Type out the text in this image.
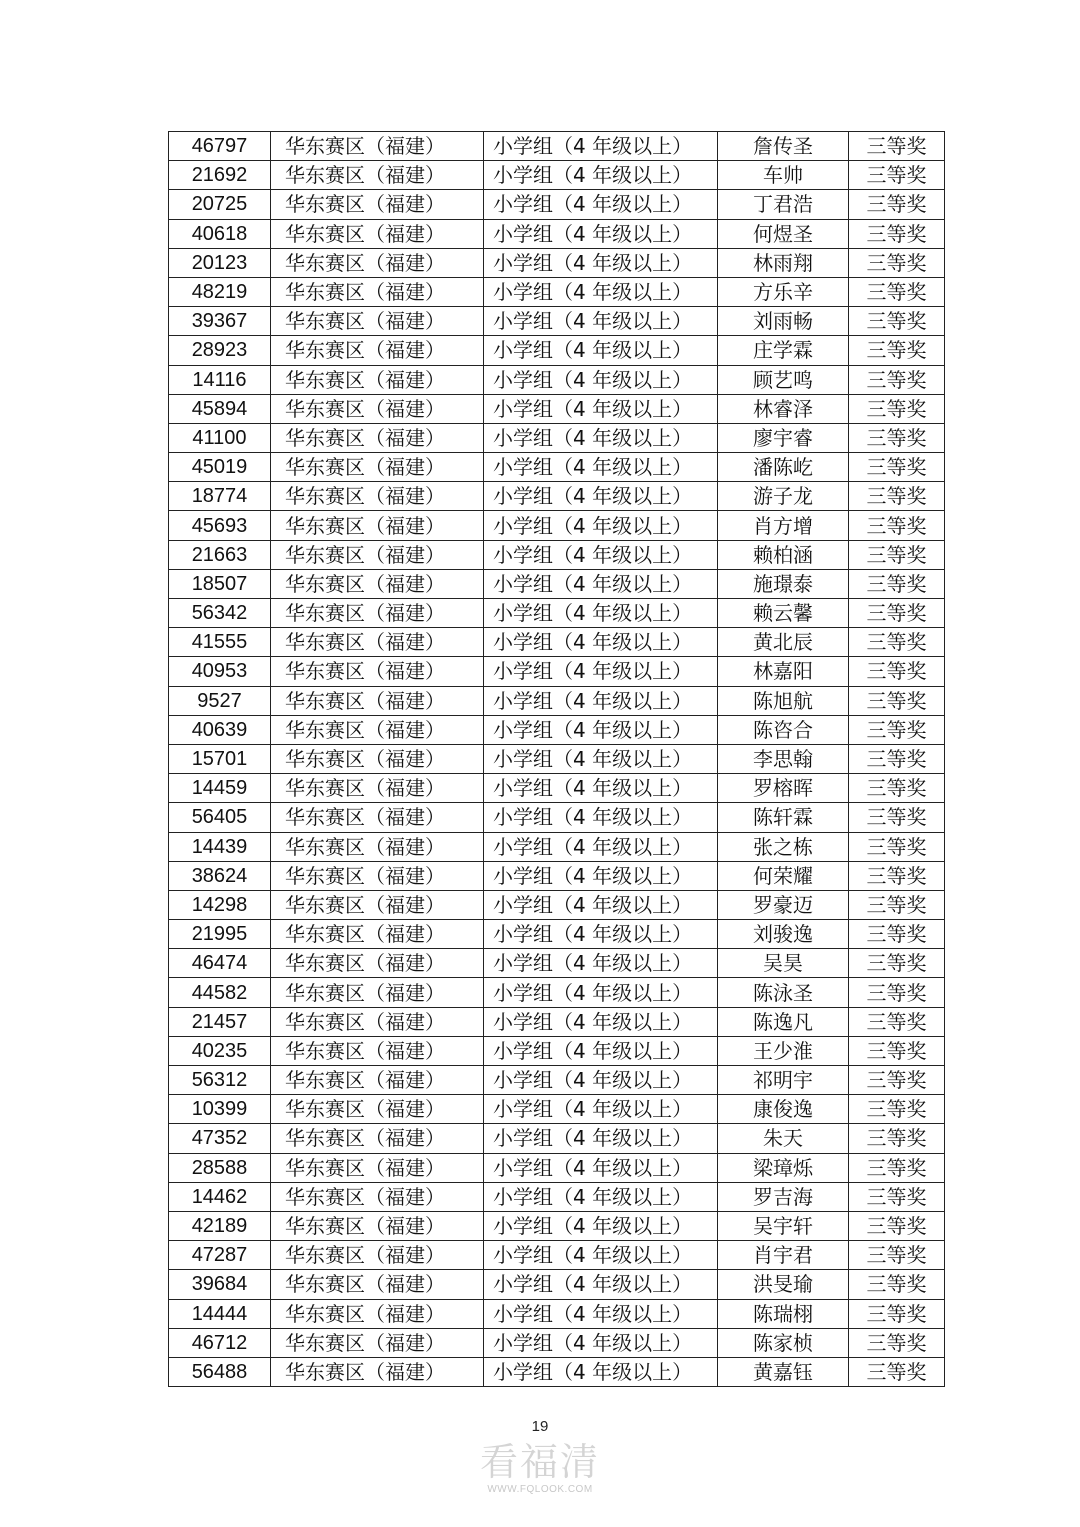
46797	华东赛区（福建）	小学组（4 年级以上）	詹传圣	三等奖
21692	华东赛区（福建）	小学组（4 年级以上）	车帅	三等奖
20725	华东赛区（福建）	小学组（4 年级以上）	丁君浩	三等奖
40618	华东赛区（福建）	小学组（4 年级以上）	何煜圣	三等奖
20123	华东赛区（福建）	小学组（4 年级以上）	林雨翔	三等奖
48219	华东赛区（福建）	小学组（4 年级以上）	方乐辛	三等奖
39367	华东赛区（福建）	小学组（4 年级以上）	刘雨畅	三等奖
28923	华东赛区（福建）	小学组（4 年级以上）	庄学霖	三等奖
14116	华东赛区（福建）	小学组（4 年级以上）	顾艺鸣	三等奖
45894	华东赛区（福建）	小学组（4 年级以上）	林睿泽	三等奖
41100	华东赛区（福建）	小学组（4 年级以上）	廖宇睿	三等奖
45019	华东赛区（福建）	小学组（4 年级以上）	潘陈屹	三等奖
18774	华东赛区（福建）	小学组（4 年级以上）	游子龙	三等奖
45693	华东赛区（福建）	小学组（4 年级以上）	肖方增	三等奖
21663	华东赛区（福建）	小学组（4 年级以上）	赖柏涵	三等奖
18507	华东赛区（福建）	小学组（4 年级以上）	施璟泰	三等奖
56342	华东赛区（福建）	小学组（4 年级以上）	赖云馨	三等奖
41555	华东赛区（福建）	小学组（4 年级以上）	黄北辰	三等奖
40953	华东赛区（福建）	小学组（4 年级以上）	林嘉阳	三等奖
9527	华东赛区（福建）	小学组（4 年级以上）	陈旭航	三等奖
40639	华东赛区（福建）	小学组（4 年级以上）	陈咨合	三等奖
15701	华东赛区（福建）	小学组（4 年级以上）	李思翰	三等奖
14459	华东赛区（福建）	小学组（4 年级以上）	罗榕晖	三等奖
56405	华东赛区（福建）	小学组（4 年级以上）	陈轩霖	三等奖
14439	华东赛区（福建）	小学组（4 年级以上）	张之栋	三等奖
38624	华东赛区（福建）	小学组（4 年级以上）	何荣耀	三等奖
14298	华东赛区（福建）	小学组（4 年级以上）	罗豪迈	三等奖
21995	华东赛区（福建）	小学组（4 年级以上）	刘骏逸	三等奖
46474	华东赛区（福建）	小学组（4 年级以上）	吴昊	三等奖
44582	华东赛区（福建）	小学组（4 年级以上）	陈泳圣	三等奖
21457	华东赛区（福建）	小学组（4 年级以上）	陈逸凡	三等奖
40235	华东赛区（福建）	小学组（4 年级以上）	王少淮	三等奖
56312	华东赛区（福建）	小学组（4 年级以上）	祁明宇	三等奖
10399	华东赛区（福建）	小学组（4 年级以上）	康俊逸	三等奖
47352	华东赛区（福建）	小学组（4 年级以上）	朱天	三等奖
28588	华东赛区（福建）	小学组（4 年级以上）	梁璋烁	三等奖
14462	华东赛区（福建）	小学组（4 年级以上）	罗吉海	三等奖
42189	华东赛区（福建）	小学组（4 年级以上）	吴宇轩	三等奖
47287	华东赛区（福建）	小学组（4 年级以上）	肖宇君	三等奖
39684	华东赛区（福建）	小学组（4 年级以上）	洪旻瑜	三等奖
14444	华东赛区（福建）	小学组（4 年级以上）	陈瑞栩	三等奖
46712	华东赛区（福建）	小学组（4 年级以上）	陈家桢	三等奖
56488	华东赛区（福建）	小学组（4 年级以上）	黄嘉钰	三等奖
19
看福清
WWW.FQLOOK.COM
